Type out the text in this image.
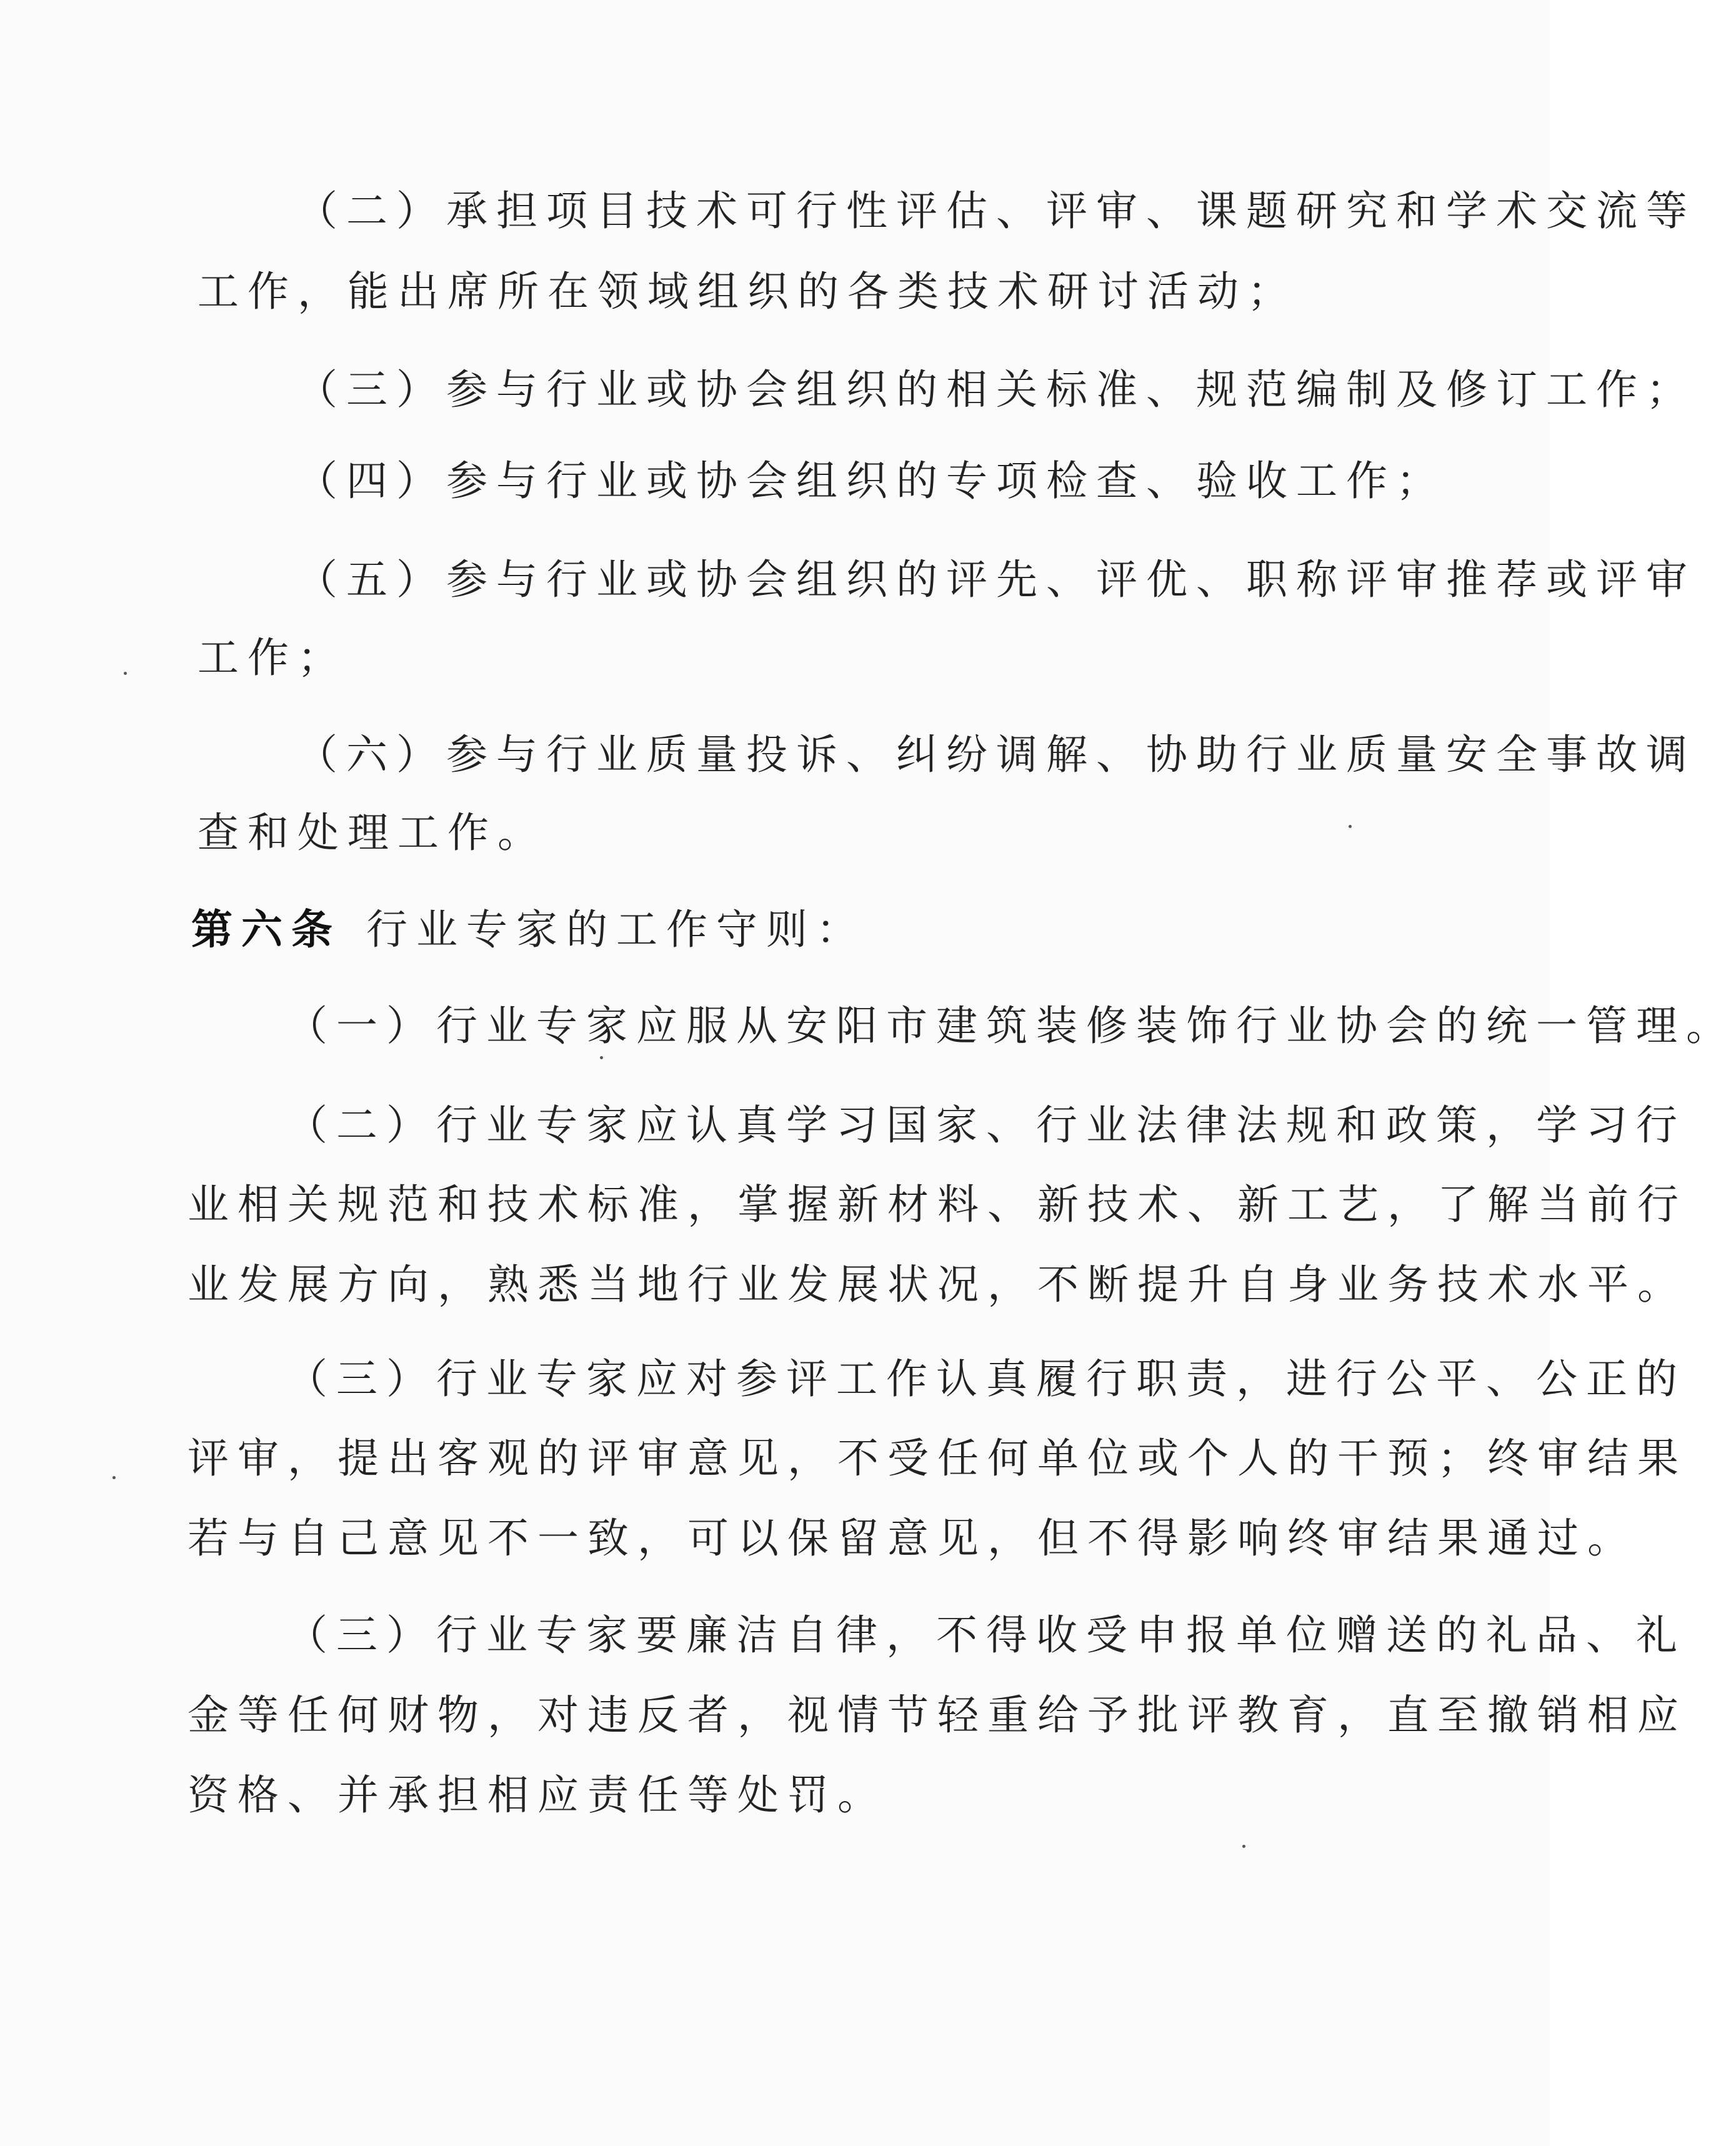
（二）承担项目技术可行性评估、评审、课题研究和学术交流等

工作，能出席所在领域组织的各类技术研讨活动；

（三）参与行业或协会组织的相关标准、规范编制及修订工作；

（四）参与行业或协会组织的专项检查、验收工作；

（五）参与行业或协会组织的评先、评优、职称评审推荐或评审

工作；

（六）参与行业质量投诉、纠纷调解、协助行业质量安全事故调

查和处理工作。

第六条 行业专家的工作守则：

（一）行业专家应服从安阳市建筑装修装饰行业协会的统一管理。

（二）行业专家应认真学习国家、行业法律法规和政策，学习行

业相关规范和技术标准，掌握新材料、新技术、新工艺，了解当前行

业发展方向，熟悉当地行业发展状况，不断提升自身业务技术水平。

（三）行业专家应对参评工作认真履行职责，进行公平、公正的

评审，提出客观的评审意见，不受任何单位或个人的干预；终审结果

若与自己意见不一致，可以保留意见，但不得影响终审结果通过。

（三）行业专家要廉洁自律，不得收受申报单位赠送的礼品、礼

金等任何财物，对违反者，视情节轻重给予批评教育，直至撤销相应

资格、并承担相应责任等处罚。
